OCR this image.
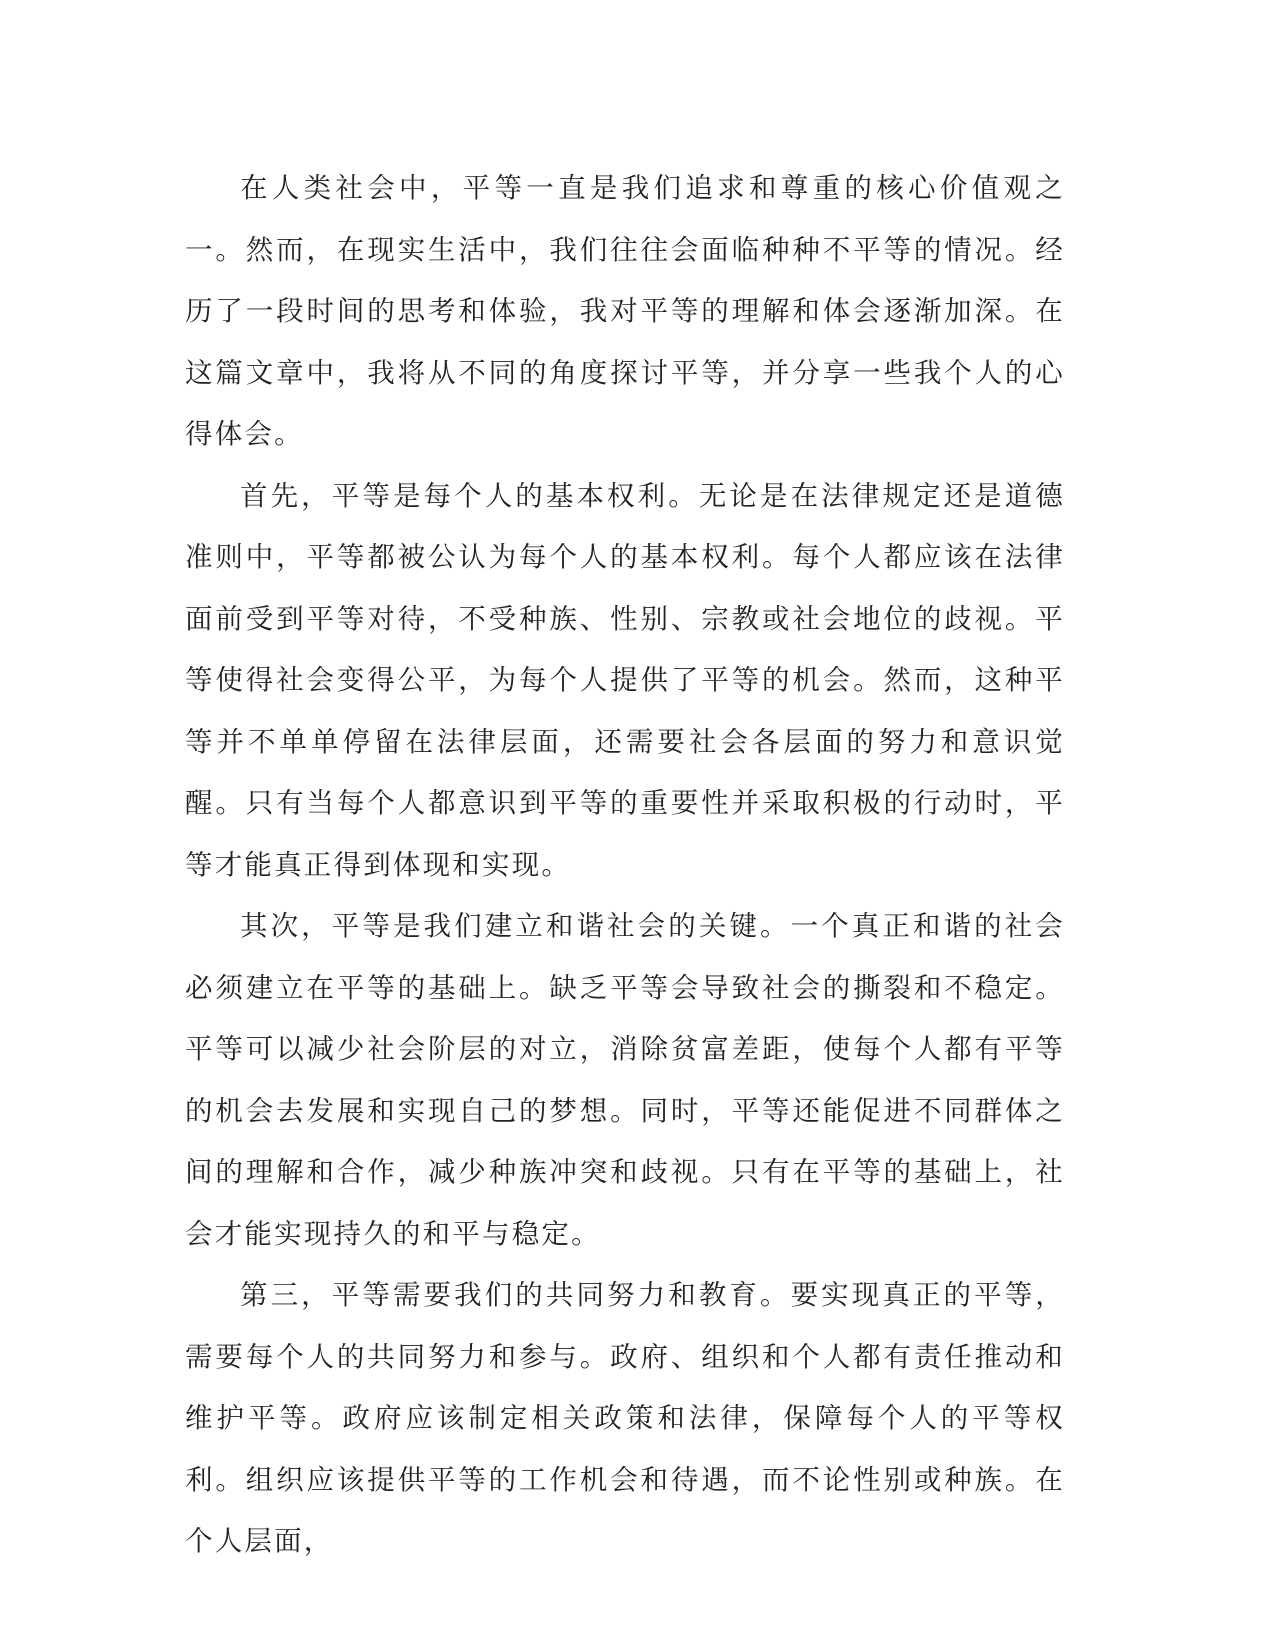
在人类社会中，平等一直是我们追求和尊重的核心价值观之一。然而，在现实生活中，我们往往会面临种种不平等的情况。经历了一段时间的思考和体验，我对平等的理解和体会逐渐加深。在这篇文章中，我将从不同的角度探讨平等，并分享一些我个人的心得体会。

首先，平等是每个人的基本权利。无论是在法律规定还是道德准则中，平等都被公认为每个人的基本权利。每个人都应该在法律面前受到平等对待，不受种族、性别、宗教或社会地位的歧视。平等使得社会变得公平，为每个人提供了平等的机会。然而，这种平等并不单单停留在法律层面，还需要社会各层面的努力和意识觉醒。只有当每个人都意识到平等的重要性并采取积极的行动时，平等才能真正得到体现和实现。

其次，平等是我们建立和谐社会的关键。一个真正和谐的社会必须建立在平等的基础上。缺乏平等会导致社会的撕裂和不稳定。平等可以减少社会阶层的对立，消除贫富差距，使每个人都有平等的机会去发展和实现自己的梦想。同时，平等还能促进不同群体之间的理解和合作，减少种族冲突和歧视。只有在平等的基础上，社会才能实现持久的和平与稳定。

第三，平等需要我们的共同努力和教育。要实现真正的平等，需要每个人的共同努力和参与。政府、组织和个人都有责任推动和维护平等。政府应该制定相关政策和法律，保障每个人的平等权利。组织应该提供平等的工作机会和待遇，而不论性别或种族。在个人层面，
